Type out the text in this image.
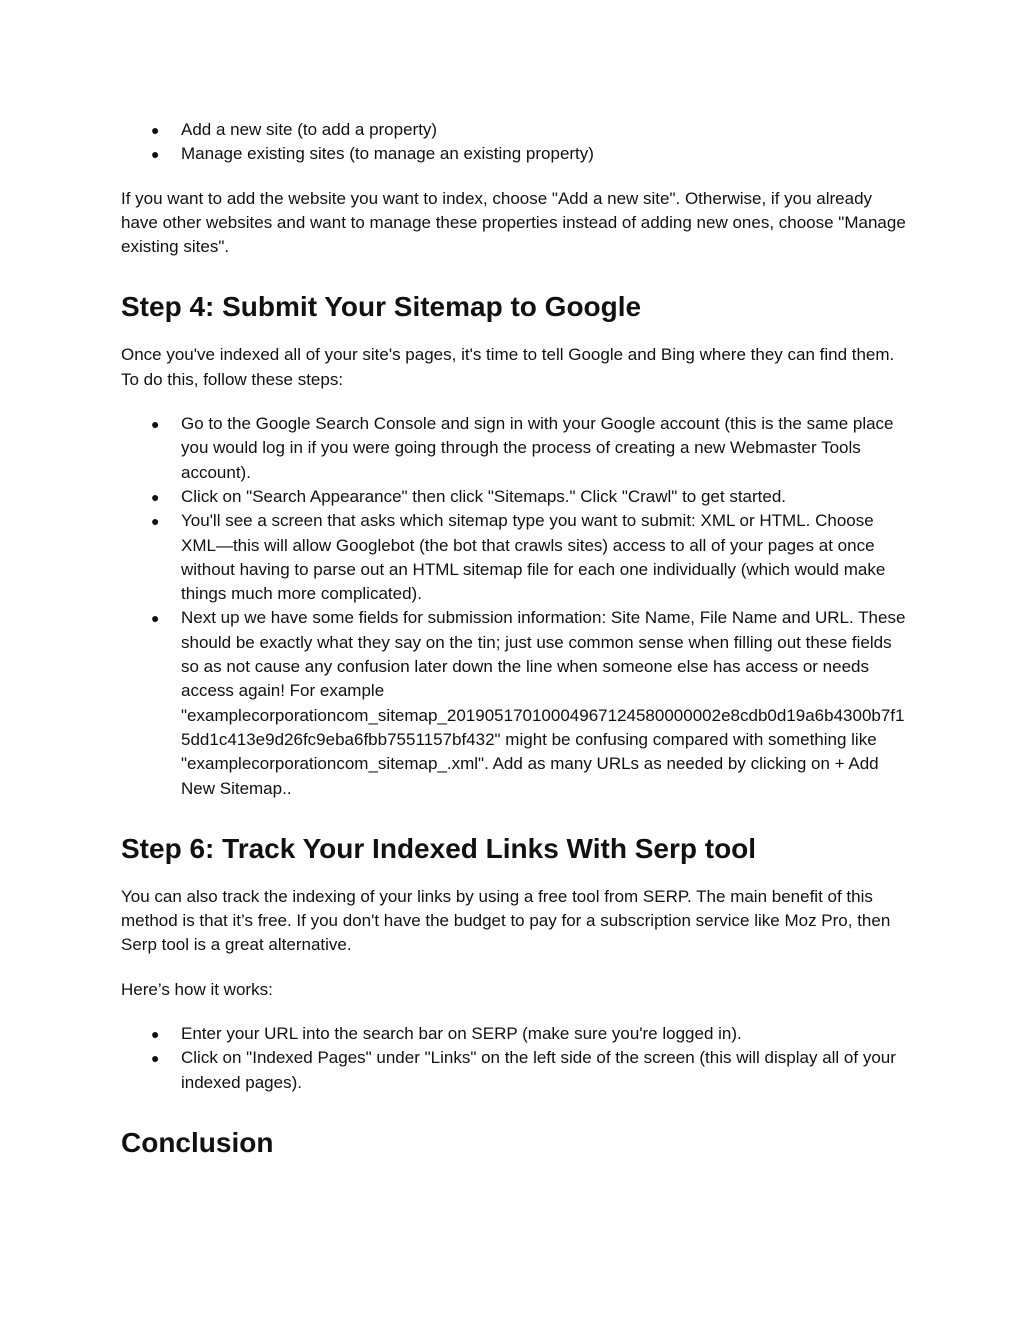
● Add a new site (to add a property)
● Manage existing sites (to manage an existing property)

If you want to add the website you want to index, choose "Add a new site". Otherwise, if you already have other websites and want to manage these properties instead of adding new ones, choose "Manage existing sites".

Step 4: Submit Your Sitemap to Google

Once you've indexed all of your site's pages, it's time to tell Google and Bing where they can find them. To do this, follow these steps:

● Go to the Google Search Console and sign in with your Google account (this is the same place you would log in if you were going through the process of creating a new Webmaster Tools account).
● Click on "Search Appearance" then click "Sitemaps." Click "Crawl" to get started.
● You'll see a screen that asks which sitemap type you want to submit: XML or HTML. Choose XML—this will allow Googlebot (the bot that crawls sites) access to all of your pages at once without having to parse out an HTML sitemap file for each one individually (which would make things much more complicated).
● Next up we have some fields for submission information: Site Name, File Name and URL. These should be exactly what they say on the tin; just use common sense when filling out these fields so as not cause any confusion later down the line when someone else has access or needs access again! For example "examplecorporationcom_sitemap_20190517010004967124580000002e8cdb0d19a6b4300b7f15dd1c413e9d26fc9eba6fbb7551157bf432" might be confusing compared with something like "examplecorporationcom_sitemap_.xml". Add as many URLs as needed by clicking on + Add New Sitemap..
Step 6: Track Your Indexed Links With Serp tool

You can also track the indexing of your links by using a free tool from SERP. The main benefit of this method is that it’s free. If you don't have the budget to pay for a subscription service like Moz Pro, then Serp tool is a great alternative.

Here’s how it works:

● Enter your URL into the search bar on SERP (make sure you're logged in).
● Click on "Indexed Pages" under "Links" on the left side of the screen (this will display all of your indexed pages).
Conclusion
